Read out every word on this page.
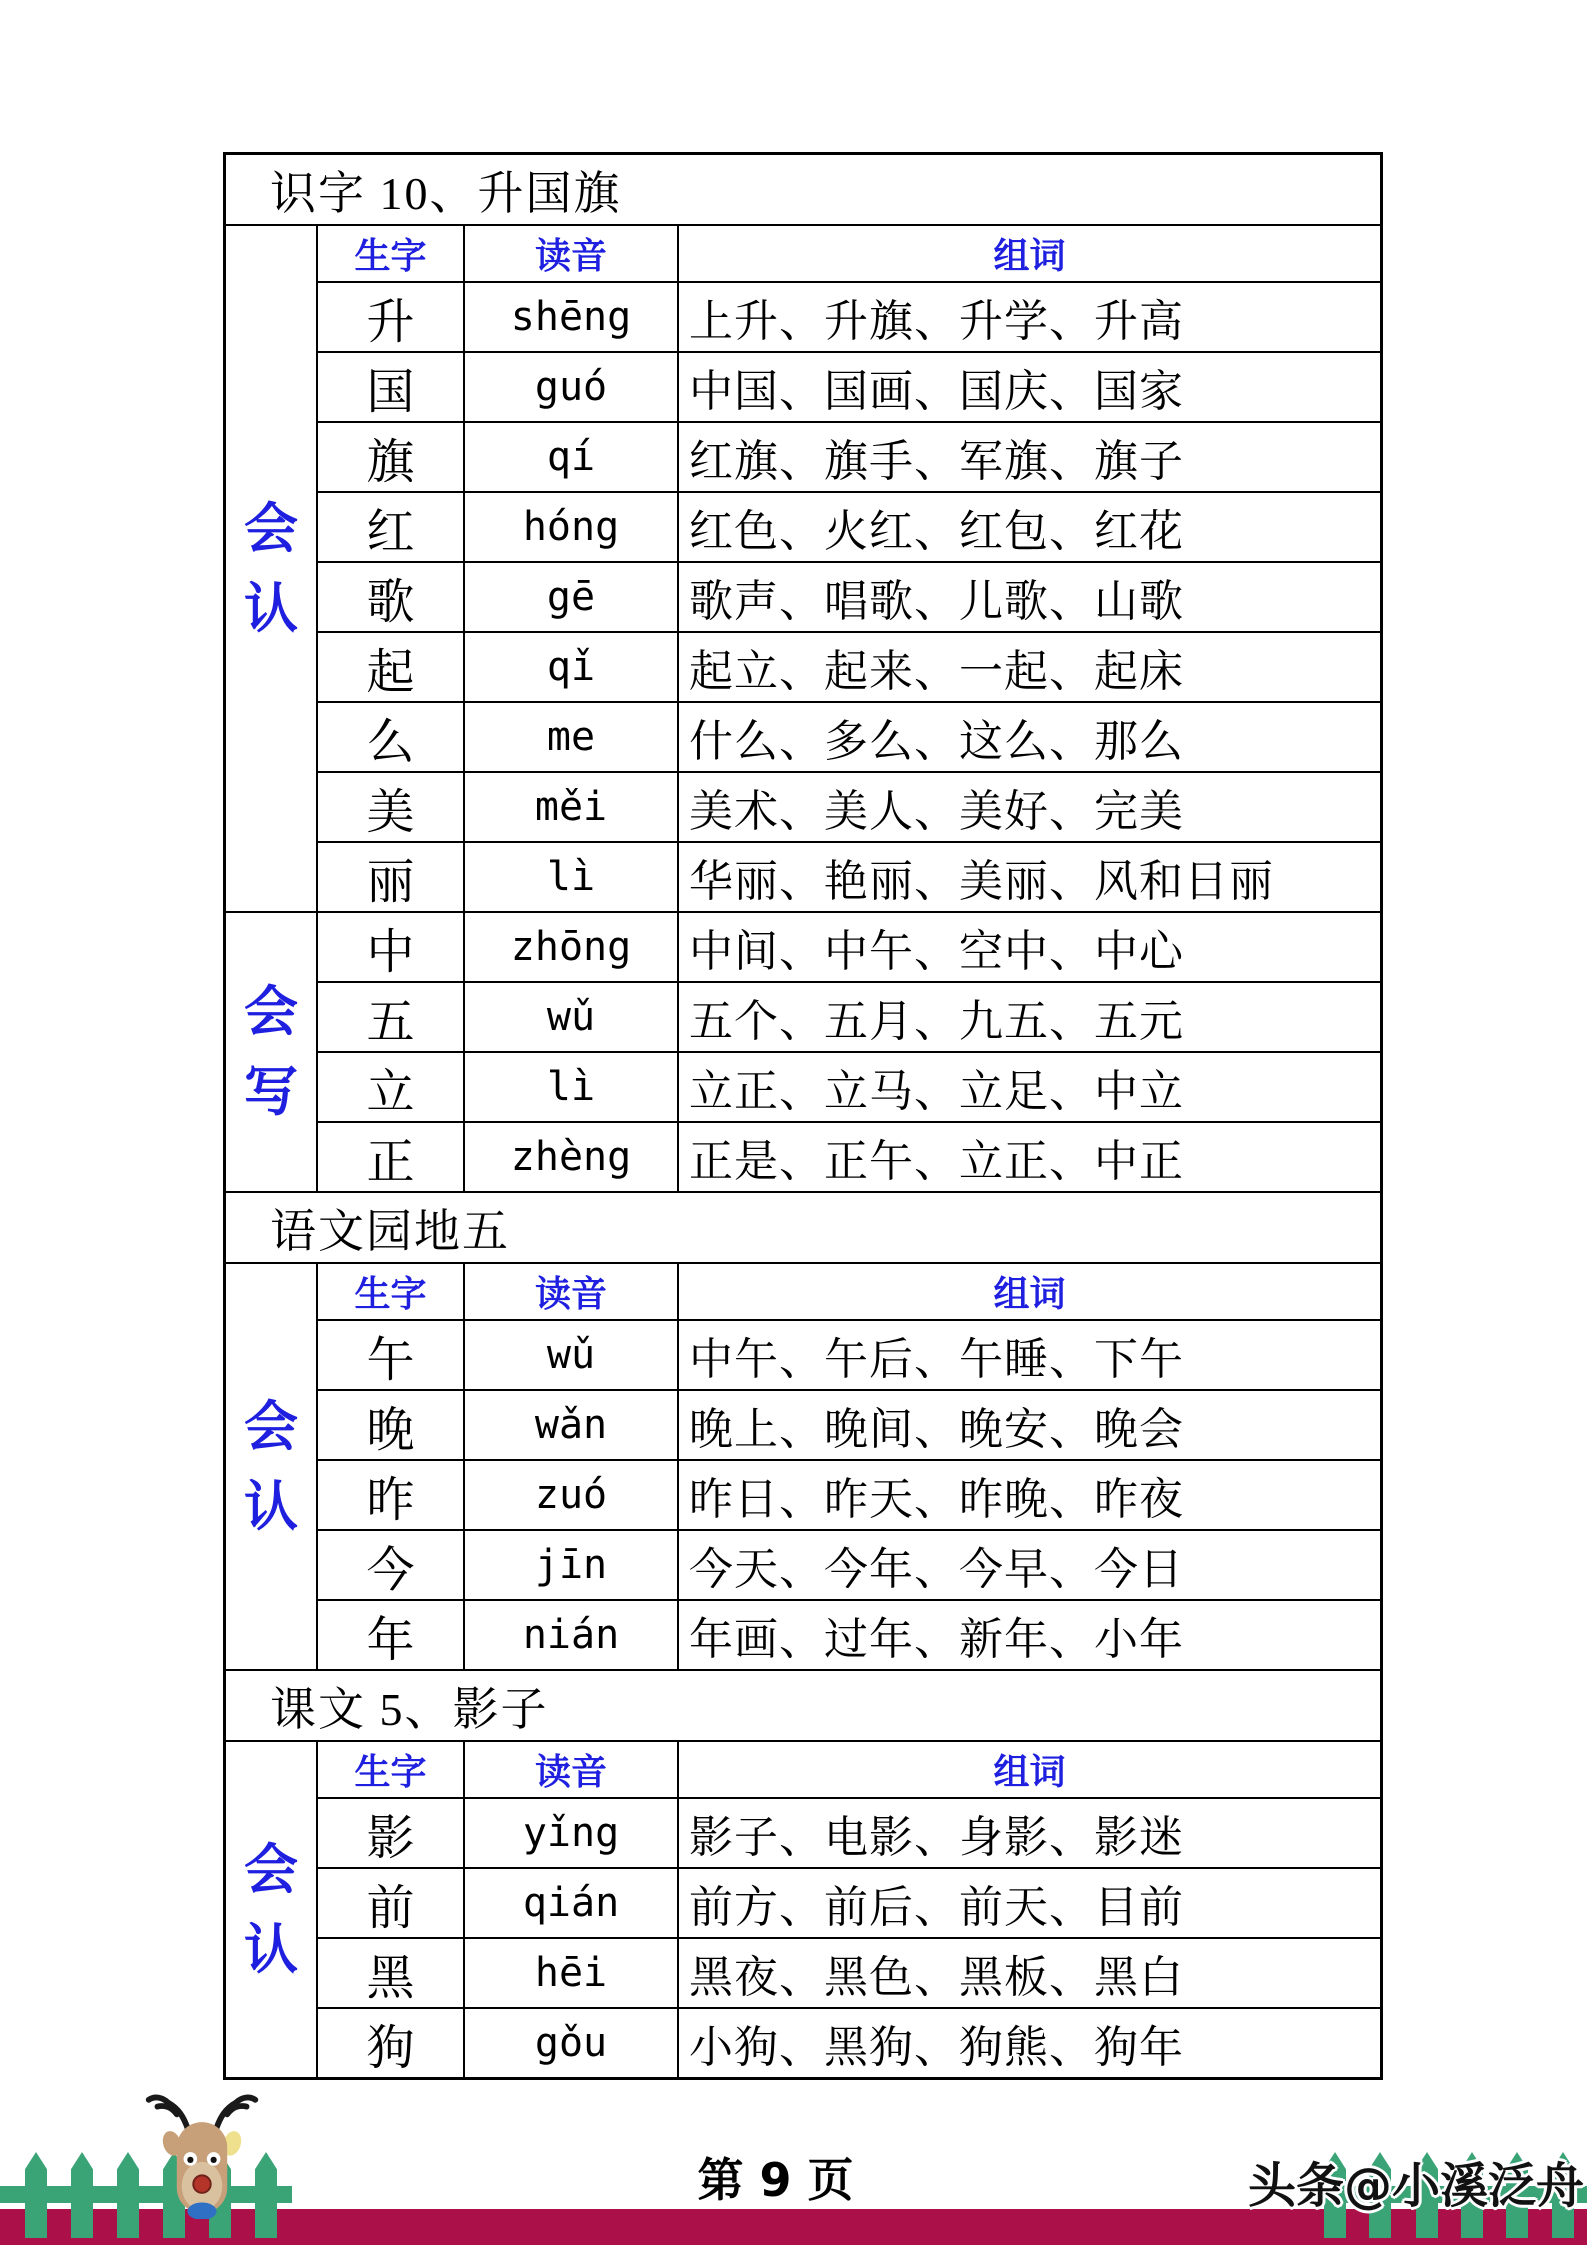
识字 10、升国旗
会
认
生字	读音	组词
升	shēng	上升、升旗、升学、升高
国	guó	中国、国画、国庆、国家
旗	qí	红旗、旗手、军旗、旗子
红	hóng	红色、火红、红包、红花
歌	gē	歌声、唱歌、儿歌、山歌
起	qǐ	起立、起来、一起、起床
么	me	什么、多么、这么、那么
美	měi	美术、美人、美好、完美
丽	lì	华丽、艳丽、美丽、风和日丽
会
写
中	zhōng	中间、中午、空中、中心
五	wǔ	五个、五月、九五、五元
立	lì	立正、立马、立足、中立
正	zhèng	正是、正午、立正、中正
语文园地五
会
认
生字	读音	组词
午	wǔ	中午、午后、午睡、下午
晚	wǎn	晚上、晚间、晚安、晚会
昨	zuó	昨日、昨天、昨晚、昨夜
今	jīn	今天、今年、今早、今日
年	nián	年画、过年、新年、小年
课文 5、影子
会
认
生字	读音	组词
影	yǐng	影子、电影、身影、影迷
前	qián	前方、前后、前天、目前
黑	hēi	黑夜、黑色、黑板、黑白
狗	gǒu	小狗、黑狗、狗熊、狗年
第 9 页	头条@小溪泛舟
